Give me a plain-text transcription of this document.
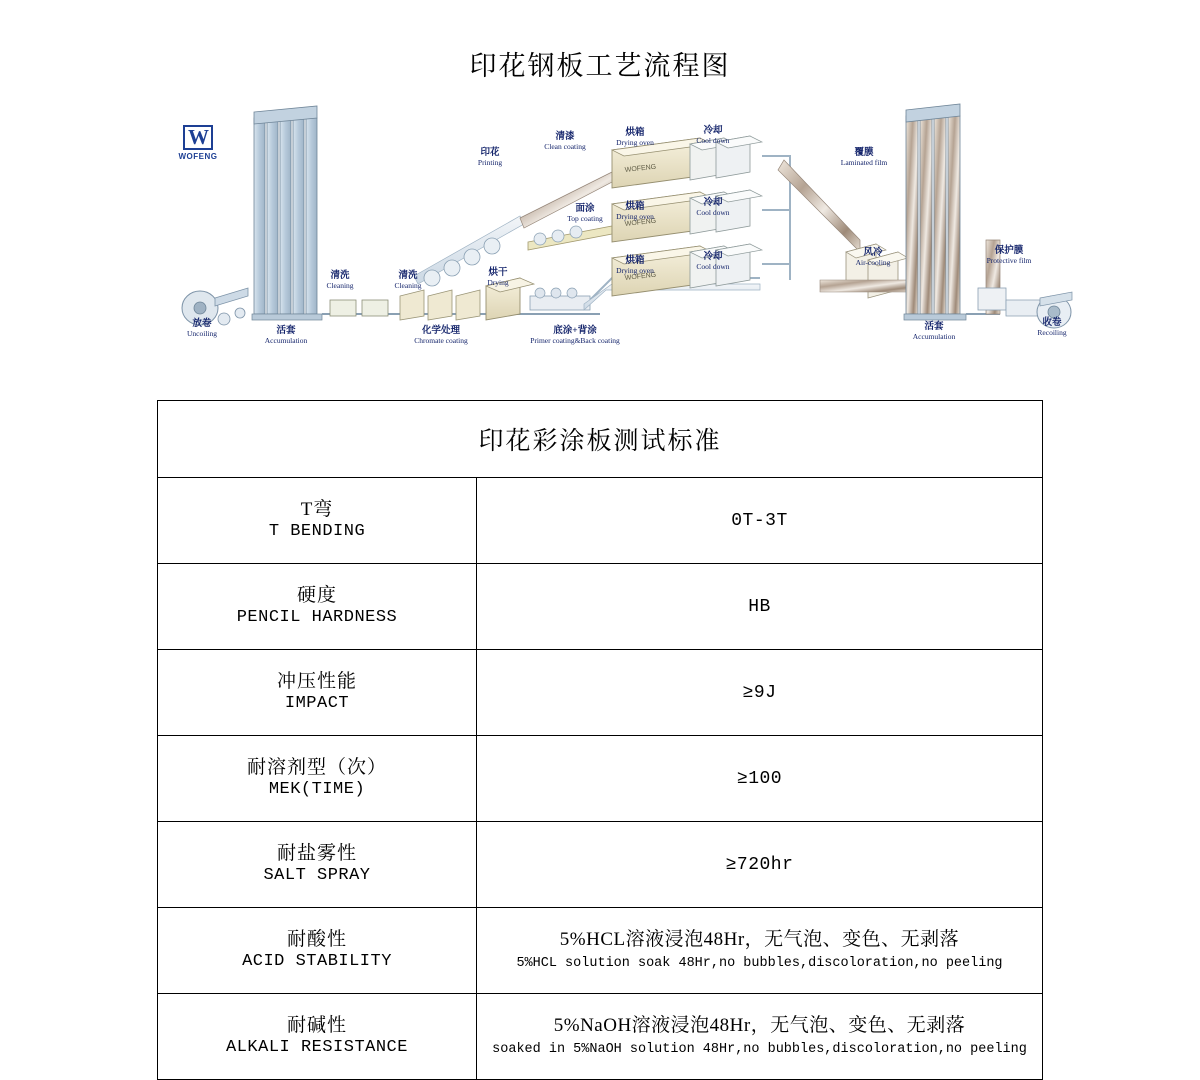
印花钢板工艺流程图
WOFENG
WOFENG
WOFENG
W
WOFENG
放卷
Uncoiling	活套
Accumulation
清洗
Cleaning
清洗
Cleaning
烘干
Drying
化学处理
Chromate coating
底涂+背涂
Primer coating&Back coating
烘箱
Drying oven
冷却
Cool down
面涂
Top coating
烘箱
Drying oven
冷却
Cool down
印花
Printing
清漆
Clean coating
烘箱
Drying oven
冷却
Cool down
覆膜
Laminated film
风冷
Air-cooling
保护膜
Protective film
活套
Accumulation
收卷
Recoiling
印花彩涂板测试标准	

T弯
T BENDING	0T-3T

硬度
PENCIL HARDNESS	HB

冲压性能
IMPACT	≥9J

耐溶剂型（次）
MEK(TIME)	≥100

耐盐雾性
SALT SPRAY	≥720hr

耐酸性
ACID STABILITY	5%HCL溶液浸泡48Hr，无气泡、变色、无剥落
5%HCL solution soak 48Hr,no bubbles,discoloration,no peeling

耐碱性
ALKALI RESISTANCE	5%NaOH溶液浸泡48Hr，无气泡、变色、无剥落
soaked in 5%NaOH solution 48Hr,no bubbles,discoloration,no peeling
